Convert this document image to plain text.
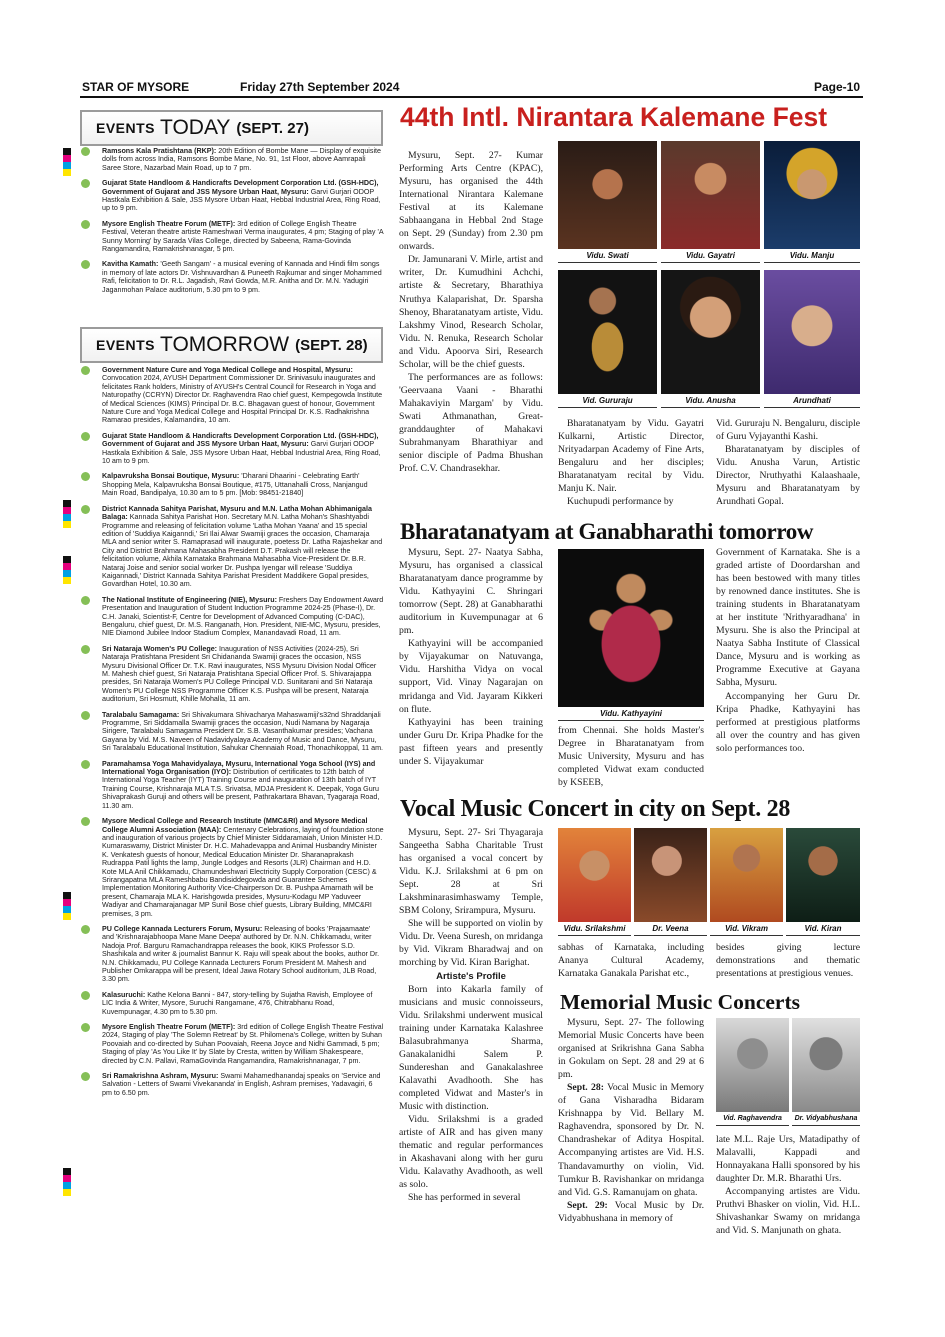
STAR OF MYSORE	Friday 27th September 2024	Page-10
EVENTS TODAY (SEPT. 27)

Ramsons Kala Pratishtana (RKP): 20th Edition of Bombe Mane — Display of exquisite dolls from across India, Ramsons Bombe Mane, No. 91, 1st Floor, above Aamrapali Saree Store, Nazarbad Main Road, up to 7 pm.

Gujarat State Handloom & Handicrafts Development Corporation Ltd. (GSH-HDC), Government of Gujarat and JSS Mysore Urban Haat, Mysuru: Garvi Gurjari ODOP Hastkala Exhibition & Sale, JSS Mysore Urban Haat, Hebbal Industrial Area, Ring Road, up to 9 pm.

Mysore English Theatre Forum (METF): 3rd edition of College English Theatre Festival, Veteran theatre artiste Rameshwari Verma inaugurates, 4 pm; Staging of play 'A Sunny Morning' by Sarada Vilas College, directed by Sabeena, Rama-Govinda Rangamandira, Ramakrishnanagar, 5 pm.

Kavitha Kamath: 'Geeth Sangam' - a musical evening of Kannada and Hindi film songs in memory of late actors Dr. Vishnuvardhan & Puneeth Rajkumar and singer Mohammed Rafi, felicitation to Dr. R.L. Jagadish, Ravi Gowda, M.R. Anitha and Dr. M.N. Yadugiri Jaganmohan Palace auditorium, 5.30 pm to 9 pm.

EVENTS TOMORROW (SEPT. 28)

Government Nature Cure and Yoga Medical College and Hospital, Mysuru: Convocation 2024, AYUSH Department Commissioner Dr. Srinivasulu inaugurates and felicitates Rank holders, Ministry of AYUSH's Central Council for Research in Yoga and Naturopathy (CCRYN) Director Dr. Raghavendra Rao chief guest, Kempegowda Institute of Medical Sciences (KIMS) Principal Dr. B.C. Bhagavan guest of honour, Government Nature Cure and Yoga Medical College and Hospital Principal Dr. K.S. Radhakrishna Ramarao presides, Kalamandira, 10 am.

Gujarat State Handloom & Handicrafts Development Corporation Ltd. (GSH-HDC), Government of Gujarat and JSS Mysore Urban Haat, Mysuru: Garvi Gurjari ODOP Hastkala Exhibition & Sale, JSS Mysore Urban Haat, Hebbal Industrial Area, Ring Road, 10 am to 9 pm.

Kalpavruksha Bonsai Boutique, Mysuru: 'Dharani Dhaarini - Celebrating Earth' Shopping Mela, Kalpavruksha Bonsai Boutique, #175, Uttanahalli Cross, Nanjangud Main Road, Bandipalya, 10.30 am to 5 pm. [Mob: 98451-21840]

District Kannada Sahitya Parishat, Mysuru and M.N. Latha Mohan Abhimanigala Balaga: Kannada Sahitya Parishat Hon. Secretary M.N. Latha Mohan's Shashtyabdi Programme and releasing of felicitation volume 'Latha Mohan Yaana' and 15 special edition of 'Suddiya Kaiganndi,' Sri Ilai Alwar Swamiji graces the occasion, Chamaraja MLA and senior writer S. Ramaprasad will inaugurate, poetess Dr. Latha Rajashekar and City and District Brahmana Mahasabha President D.T. Prakash will release the felicitation volume, Akhila Karnataka Brahmana Mahasabha Vice-President Dr. B.R. Nataraj Joise and senior social worker Dr. Pushpa Iyengar will release 'Suddiya Kaigannadi,' District Kannada Sahitya Parishat President Maddikere Gopal presides, Govardhan Hotel, 10.30 am.

The National Institute of Engineering (NIE), Mysuru: Freshers Day Endowment Award Presentation and Inauguration of Student Induction Programme 2024-25 (Phase-I), Dr. C.H. Janaki, Scientist-F, Centre for Development of Advanced Computing (C-DAC), Bengaluru, chief guest, Dr. M.S. Ranganath, Hon. President, NIE-MC, Mysuru, presides, NIE Diamond Jubilee Indoor Stadium Complex, Manandavadi Road, 11 am.

Sri Nataraja Women's PU College: Inauguration of NSS Activities (2024-25), Sri Nataraja Pratishtana President Sri Chidananda Swamiji graces the occasion, NSS Mysuru Divisional Officer Dr. T.K. Ravi inaugurates, NSS Mysuru Division Nodal Officer M. Mahesh chief guest, Sri Nataraja Pratishtana Special Officer Prof. S. Shivarajappa presides, Sri Nataraja Women's PU College Principal V.D. Sunitarani and Sri Nataraja Women's PU College NSS Programme Officer K.S. Pushpa will be present, Nataraja auditorium, Sri Hosmutt, Khille Mohalla, 11 am.

Taralabalu Samagama: Sri Shivakumara Shivacharya Mahaswamiji's32nd Shraddanjali Programme, Sri Siddamalla Swamiji graces the occasion, Nudi Namana by Nagaraja Sirigere, Taralabalu Samagama President Dr. S.B. Vasanthakumar presides; Vachana Gayana by Vid. M.S. Naveen of Nadavidyalaya Academy of Music and Dance, Mysuru, Sri Taralabalu Educational Institution, Sahukar Chennaiah Road, Thonachikoppal, 11 am.

Paramahamsa Yoga Mahavidyalaya, Mysuru, International Yoga School (IYS) and International Yoga Organisation (IYO): Distribution of certificates to 12th batch of International Yoga Teacher (IYT) Training Course and inauguration of 13th batch of IYT Training Course, Krishnaraja MLA T.S. Srivatsa, MDJA President K. Deepak, Yoga Guru Shivaprakash Guruji and others will be present, Pathrakartara Bhavan, Tyagaraja Road, 11.30 am.

Mysore Medical College and Research Institute (MMC&RI) and Mysore Medical College Alumni Association (MAA): Centenary Celebrations, laying of foundation stone and inauguration of various projects by Chief Minister Siddaramaiah, Union Minister H.D. Kumaraswamy, District Minister Dr. H.C. Mahadevappa and Animal Husbandry Minister K. Venkatesh guests of honour, Medical Education Minister Dr. Sharanaprakash Rudrappa Patil lights the lamp, Jungle Lodges and Resorts (JLR) Chairman and H.D. Kote MLA Anil Chikkamadu, Chamundeshwari Electricity Supply Corporation (CESC) & Srirangapatna MLA Rameshbabu Bandisiddegowda and Guarantee Schemes Implementation Monitoring Authority Vice-Chairperson Dr. B. Pushpa Amarnath will be present, Chamaraja MLA K. Harishgowda presides, Mysuru-Kodagu MP Yaduveer Wadiyar and Chamarajanagar MP Sunil Bose chief guests, Library Building, MMC&RI premises, 3 pm.

PU College Kannada Lecturers Forum, Mysuru: Releasing of books 'Prajaamaate' and 'Krishnarajabhoopa Mane Mane Deepa' authored by Dr. N.N. Chikkamadu, writer Nadoja Prof. Barguru Ramachandrappa releases the book, KIKS Professor S.D. Shashikala and writer & journalist Bannur K. Raju will speak about the books, author Dr. N.N. Chikkamadu, PU College Kannada Lecturers Forum President M. Mahesh and Publisher Omkarappa will be present, Ideal Jawa Rotary School auditorium, JLB Road, 3.30 pm.

Kalasuruchi: Kathe Kelona Banni - 847, story-telling by Sujatha Ravish, Employee of LIC India & Writer, Mysore, Suruchi Rangamane, 476, Chitrabhanu Road, Kuvempunagar, 4.30 pm to 5.30 pm.

Mysore English Theatre Forum (METF): 3rd edition of College English Theatre Festival 2024, Staging of play 'The Solemn Retreat' by St. Philomena's College, written by Suhan Poovaiah and co-directed by Suhan Poovaiah, Reena Joyce and Nidhi Gammadi, 5 pm; Staging of play 'As You Like It' by Slate by Cresta, written by William Shakespeare, directed by C.N. Pallavi, RamaGovinda Rangamandira, Ramakrishnanagar, 7 pm.

Sri Ramakrishna Ashram, Mysuru: Swami Mahamedhanandaj speaks on 'Service and Salvation - Letters of Swami Vivekananda' in English, Ashram premises, Yadavagiri, 6 pm to 6.50 pm.

44th Intl. Nirantara Kalemane Fest

Mysuru, Sept. 27- Kumar Performing Arts Centre (KPAC), Mysuru, has organised the 44th International Nirantara Kalemane Festival at its Kalemane Sabhaangana in Hebbal 2nd Stage on Sept. 29 (Sunday) from 2.30 pm onwards.

Dr. Jamunarani V. Mirle, artist and writer, Dr. Kumudhini Achchi, artiste & Secretary, Bharathiya Nruthya Kalaparishat, Dr. Sparsha Shenoy, Bharatanatyam artiste, Vidu. Lakshmy Vinod, Research Scholar, Vidu. N. Renuka, Research Scholar and Vidu. Apoorva Siri, Research Scholar, will be the chief guests.

The performances are as follows: 'Geervaana Vaani - Bharathi Mahakaviyin Margam' by Vidu. Swati Athmanathan, Great-granddaughter of Mahakavi Subrahmanyam Bharathiyar and senior disciple of Padma Bhushan Prof. C.V. Chandrasekhar.

Vidu. Swati	Vidu. Gayatri	Vidu. Manju
Vid. Gururaju	Vidu. Anusha	Arundhati

Bharatanatyam by Vidu. Gayatri Kulkarni, Artistic Director, Nrityadarpan Academy of Fine Arts, Bengaluru and her disciples; Bharatanatyam recital by Vidu. Manju K. Nair.

Kuchupudi performance by

Vid. Gururaju N. Bengaluru, disciple of Guru Vyjayanthi Kashi.

Bharatanatyam by disciples of Vidu. Anusha Varun, Artistic Director, Nruthyathi Kalaashaale, Mysuru and Bharatanatyam by Arundhati Gopal.

Bharatanatyam at Ganabharathi tomorrow

Mysuru, Sept. 27- Naatya Sabha, Mysuru, has organised a classical Bharatanatyam dance programme by Vidu. Kathyayini C. Shringari tomorrow (Sept. 28) at Ganabharathi auditorium in Kuvempunagar at 6 pm.

Kathyayini will be accompanied by Vijayakumar on Natuvanga, Vidu. Harshitha Vidya on vocal support, Vid. Vinay Nagarajan on mridanga and Vid. Jayaram Kikkeri on flute.

Kathyayini has been training under Guru Dr. Kripa Phadke for the past fifteen years and presently under S. Vijayakumar

Vidu. Kathyayini

from Chennai. She holds Master's Degree in Bharatanatyam from Music University, Mysuru and has completed Vidwat exam conducted by KSEEB,

Government of Karnataka. She is a graded artiste of Doordarshan and has been bestowed with many titles by renowned dance institutes. She is training students in Bharatanatyam at her institute 'Nrithyaradhana' in Mysuru. She is also the Principal at Naatya Sabha Institute of Classical Dance, Mysuru and is working as Programme Executive at Gayana Sabha, Mysuru.

Accompanying her Guru Dr. Kripa Phadke, Kathyayini has performed at prestigious platforms all over the country and has given solo performances too.

Vocal Music Concert in city on Sept. 28

Mysuru, Sept. 27- Sri Thyagaraja Sangeetha Sabha Charitable Trust has organised a vocal concert by Vidu. K.J. Srilakshmi at 6 pm on Sept. 28 at Sri Lakshminarasimhaswamy Temple, SBM Colony, Srirampura, Mysuru.

She will be supported on violin by Vidu. Dr. Veena Suresh, on mridanga by Vid. Vikram Bharadwaj and on morching by Vid. Kiran Barighat.

Artiste's Profile

Born into Kakarla family of musicians and music connoisseurs, Vidu. Srilakshmi underwent musical training under Karnataka Kalashree Balasubrahmanya Sharma, Ganakalanidhi Salem P. Sundereshan and Ganakalashree Kalavathi Avadhooth. She has completed Vidwat and Master's in Music with distinction.

Vidu. Srilakshmi is a graded artiste of AIR and has given many thematic and regular performances in Akashavani along with her guru Vidu. Kalavathy Avadhooth, as well as solo.

She has performed in several

Vidu. Srilakshmi	Dr. Veena	Vid. Vikram	Vid. Kiran

sabhas of Karnataka, including Ananya Cultural Academy, Karnataka Ganakala Parishat etc.,

besides giving lecture demonstrations and thematic presentations at prestigious venues.

Memorial Music Concerts

Mysuru, Sept. 27- The following Memorial Music Concerts have been organised at Srikrishna Gana Sabha in Gokulam on Sept. 28 and 29 at 6 pm.

Sept. 28: Vocal Music in Memory of Gana Visharadha Bidaram Krishnappa by Vid. Bellary M. Raghavendra, sponsored by Dr. N. Chandrashekar of Aditya Hospital. Accompanying artistes are Vid. H.S. Thandavamurthy on violin, Vid. Tumkur B. Ravishankar on mridanga and Vid. G.S. Ramanujam on ghata.

Sept. 29: Vocal Music by Dr. Vidyabhushana in memory of

Vid. Raghavendra	Dr. Vidyabhushana

late M.L. Raje Urs, Matadipathy of Malavalli, Kappadi and Honnayakana Halli sponsored by his daughter Dr. M.R. Bharathi Urs.

Accompanying artistes are Vidu. Pruthvi Bhasker on violin, Vid. H.L. Shivashankar Swamy on mridanga and Vid. S. Manjunath on ghata.
